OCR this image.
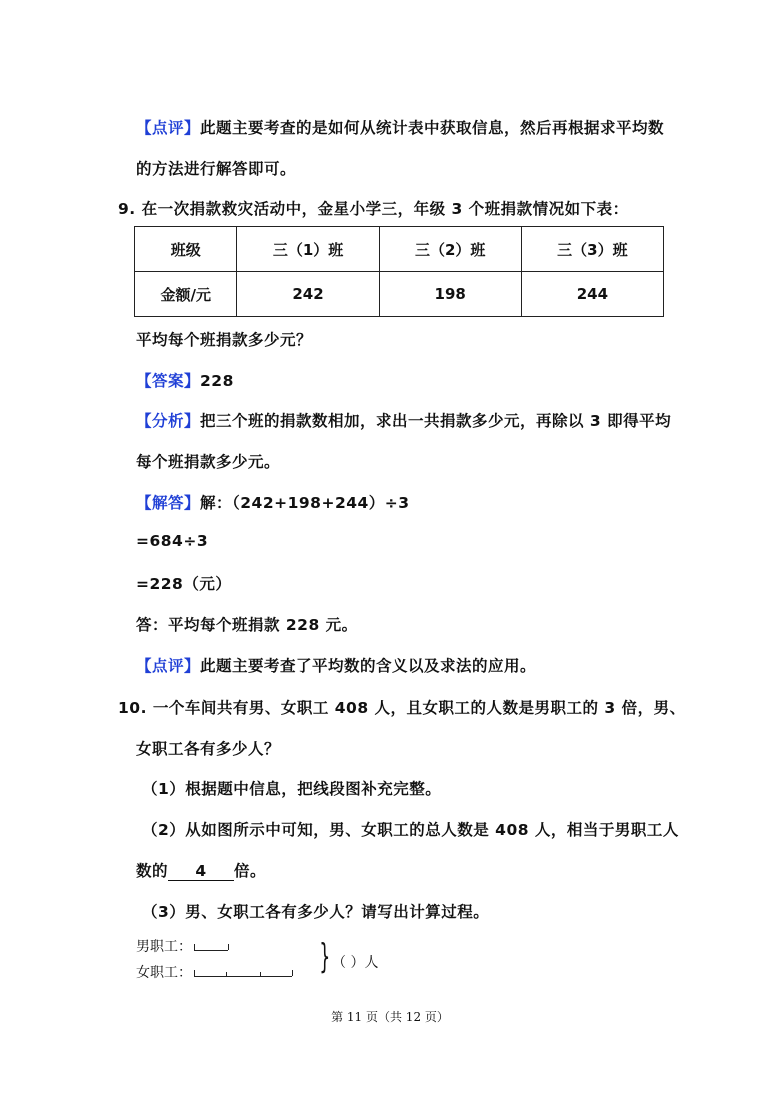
【点评】此题主要考查的是如何从统计表中获取信息，然后再根据求平均数
的方法进行解答即可。
9. 在一次捐款救灾活动中，金星小学三，年级 3 个班捐款情况如下表：
班级	三（1）班	三（2）班	三（3）班
金额/元	242	198	244
平均每个班捐款多少元？
【答案】228
【分析】把三个班的捐款数相加，求出一共捐款多少元，再除以 3 即得平均
每个班捐款多少元。
【解答】解：（242+198+244）÷3
=684÷3
=228（元）
答：平均每个班捐款 228 元。
【点评】此题主要考查了平均数的含义以及求法的应用。
10. 一个车间共有男、女职工 408 人，且女职工的人数是男职工的 3 倍，男、
女职工各有多少人？
（1）根据题中信息，把线段图补充完整。
（2）从如图所示中可知，男、女职工的总人数是 408 人，相当于男职工人
数的 4 倍。
（3）男、女职工各有多少人？请写出计算过程。
男职工：
女职工：	} （ ）人
第 11 页（共 12 页）
